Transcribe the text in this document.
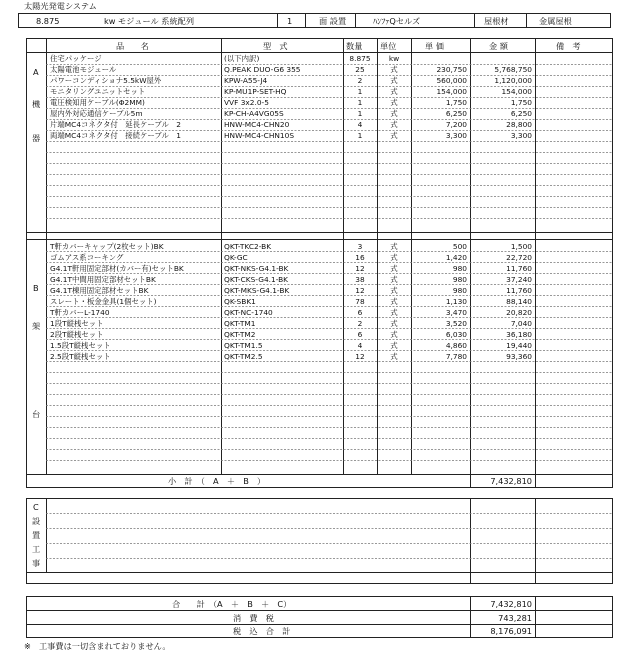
太陽光発電システム
8.875	kw モジュール 系統配列	1	面 設置	ﾊﾝﾌｧQセルズ	屋根材	金属屋根
品　　名	型　式	数量 単位	単 価	金 額	備　考
A
機
器
住宅パッケージ	(以下内訳)	8.875	kw
太陽電池モジュール	Q.PEAK DUO-G6 355	25	式	230,750	5,768,750
パワーコンディショナ5.5kW屋外	KPW-A55-J4	2	式	560,000	1,120,000
モニタリングユニットセット	KP-MU1P-SET-HQ	1	式	154,000	154,000
電圧検知用ケーブル(Φ2MM)	VVF 3x2.0-5	1	式	1,750	1,750
屋内外対応通信ケーブル5m	KP-CH-A4VG05S	1	式	6,250	6,250
片端MC4コネクタ付　延長ケーブル　2	HNW-MC4-CHN20	4	式	7,200	28,800
両端MC4コネクタ付　接続ケーブル　1	HNW-MC4-CHN10S	1	式	3,300	3,300
B
架
台
T軒カバーキャップ(2枚セット)BK	QKT-TKC2-BK	3	式	500	1,500
ゴムアス系コーキング	QK-GC	16	式	1,420	22,720
G4.1T軒用固定部材(カバー有)セットBK	QKT-NKS-G4.1-BK	12	式	980	11,760
G4.1T中間用固定部材セットBK	QKT-CKS-G4.1-BK	38	式	980	37,240
G4.1T棟用固定部材セットBK	QKT-MKS-G4.1-BK	12	式	980	11,760
スレート・板金金具(1個セット)	QK-SBK1	78	式	1,130	88,140
T軒カバーL-1740	QKT-NC-1740	6	式	3,470	20,820
1段T縦桟セット	QKT-TM1	2	式	3,520	7,040
2段T縦桟セット	QKT-TM2	6	式	6,030	36,180
1.5段T縦桟セット	QKT-TM1.5	4	式	4,860	19,440
2.5段T縦桟セット	QKT-TM2.5	12	式	7,780	93,360
小　計　（　A　＋　B　）	7,432,810
C
設
置
工
事
合　　計　（A　＋　B　＋　C）	7,432,810
消　費　税	743,281
税　込　合　計	8,176,091
※　工事費は一切含まれておりません。
